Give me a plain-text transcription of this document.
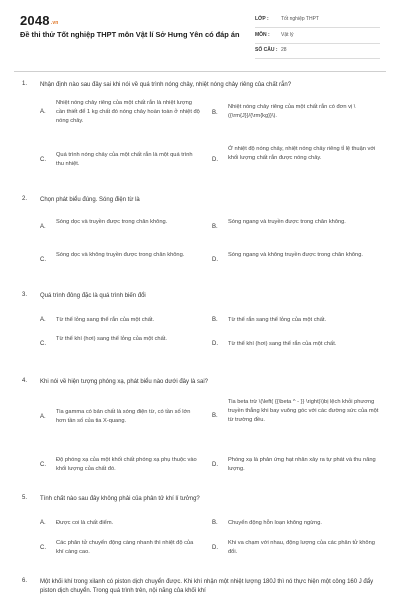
2048.vn
Đề thi thử Tốt nghiệp THPT môn Vật lí Sở Hưng Yên có đáp án
LỚP : Tốt nghiệp THPT
MÔN : Vật lý
SỐ CÂU : 28
1. Nhận định nào sau đây sai khi nói về quá trình nóng chảy, nhiệt nóng chảy riêng của chất rắn?
A.
Nhiệt nóng chảy riêng của một chất rắn là nhiệt lượng cần thiết để 1 kg chất đó nóng chảy hoàn toàn ở nhiệt độ nóng chảy.
B.
Nhiệt nóng chảy riêng của một chất rắn có đơn vị \({\rm{J}}/{\rm{kg}}\).
C.
Quá trình nóng chảy của một chất rắn là một quá trình thu nhiệt.
D.
Ở nhiệt độ nóng chảy, nhiệt nóng chảy riêng tỉ lệ thuận với khối lượng chất rắn được nóng chảy.
2. Chọn phát biểu đúng. Sóng điện từ là
A.
Sóng dọc và truyền được trong chân không.
B.
Sóng ngang và truyền được trong chân không.
C.
Sóng dọc và không truyền được trong chân không.
D.
Sóng ngang và không truyền được trong chân không.
3. Quá trình đông đặc là quá trình biến đổi
A. Từ thể lỏng sang thể rắn của một chất.	B. Từ thể rắn sang thể lỏng của một chất.
C.
Từ thể khí (hơi) sang thể lỏng của một chất.
D. Từ thể khí (hơi) sang thể rắn của một chất.
4. Khi nói về hiện tượng phóng xạ, phát biểu nào dưới đây là sai?
A.
Tia gamma có bản chất là sóng điện từ, có tần số lớn hơn tần số của tia X-quang.
B.
Tia beta trừ \(\left( {{\beta ^ - }} \right)\)bị lệch khỏi phương truyền thẳng khi bay vuông góc với các đường sức của một từ trường đều.
C.
Độ phóng xạ của một khối chất phóng xạ phụ thuộc vào khối lượng của chất đó.
D.
Phóng xạ là phản ứng hạt nhân xảy ra tự phát và thu năng lượng.
5. Tính chất nào sau đây không phải của phân tử khí lí tưởng?
A. Được coi là chất điểm.	B. Chuyển động hỗn loạn không ngừng.
C.
Các phân tử chuyển động càng nhanh thì nhiệt độ của khí càng cao.
D.
Khi va chạm với nhau, động lượng của các phân tử không đổi.
6. Một khối khí trong xilanh có piston dịch chuyển được. Khi khí nhận một nhiệt lượng 180J thì nó thực hiện một công 160 J đẩy piston dịch chuyển. Trong quá trình trên, nội năng của khối khí
